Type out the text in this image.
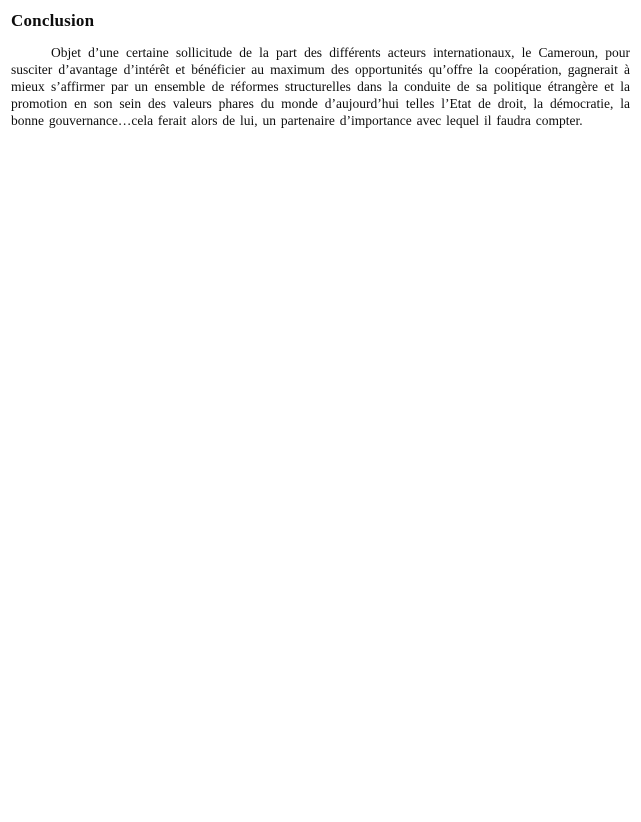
Conclusion

Objet d’une certaine sollicitude de la part des différents acteurs internationaux, le Cameroun, pour susciter d’avantage d’intérêt et bénéficier au maximum des opportunités qu’offre la coopération, gagnerait à mieux s’affirmer par un ensemble de réformes structurelles dans la conduite de sa politique étrangère et la promotion en son sein des valeurs phares du monde d’aujourd’hui telles l’Etat de droit, la démocratie, la bonne gouvernance…cela ferait alors de lui, un partenaire d’importance avec lequel il faudra compter.
